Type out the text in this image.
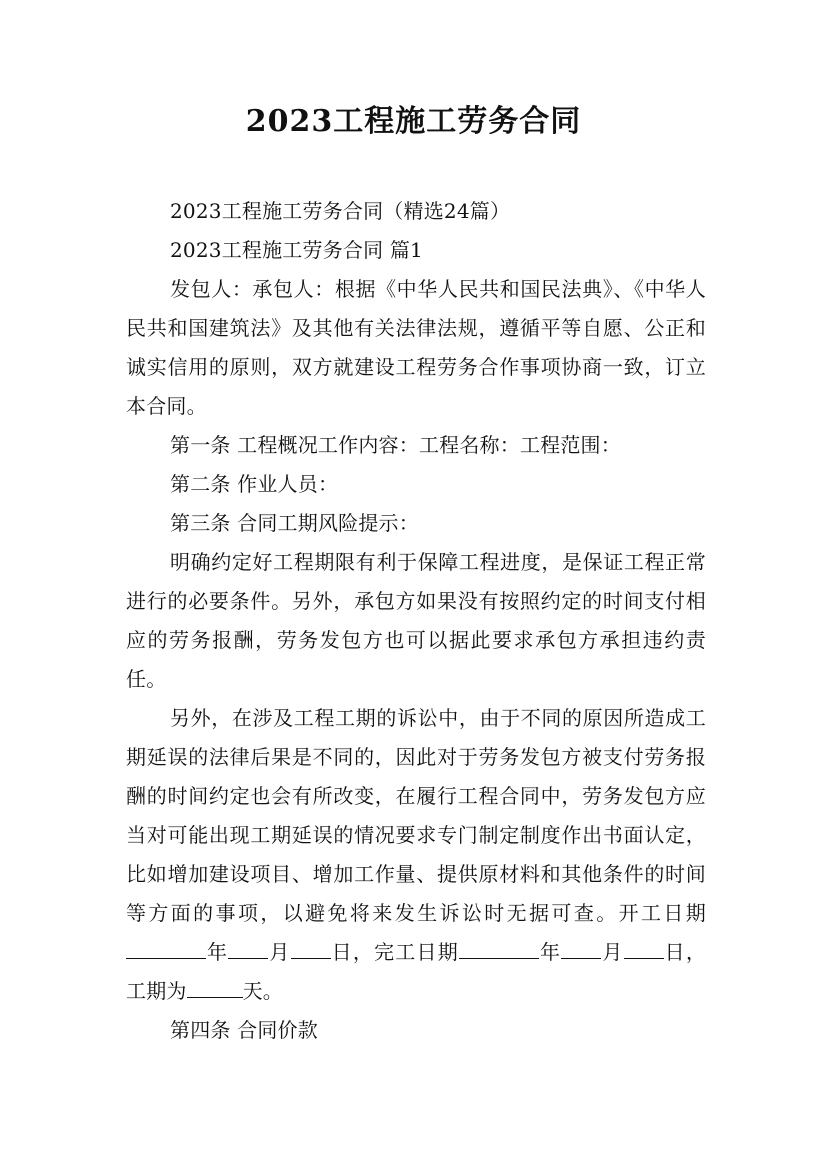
2023工程施工劳务合同

2023工程施工劳务合同（精选24篇）

2023工程施工劳务合同 篇1

发包人：承包人：根据《中华人民共和国民法典》、《中华人民共和国建筑法》及其他有关法律法规，遵循平等自愿、公正和诚实信用的原则，双方就建设工程劳务合作事项协商一致，订立本合同。

第一条 工程概况工作内容：工程名称：工程范围：

第二条 作业人员：

第三条 合同工期风险提示：

明确约定好工程期限有利于保障工程进度，是保证工程正常进行的必要条件。另外，承包方如果没有按照约定的时间支付相应的劳务报酬，劳务发包方也可以据此要求承包方承担违约责任。

另外，在涉及工程工期的诉讼中，由于不同的原因所造成工期延误的法律后果是不同的，因此对于劳务发包方被支付劳务报酬的时间约定也会有所改变，在履行工程合同中，劳务发包方应当对可能出现工期延误的情况要求专门制定制度作出书面认定，比如增加建设项目、增加工作量、提供原材料和其他条件的时间等方面的事项，以避免将来发生诉讼时无据可查。开工日期年 月 日，完工日期	年 月 日，工期为	天。

第四条 合同价款
